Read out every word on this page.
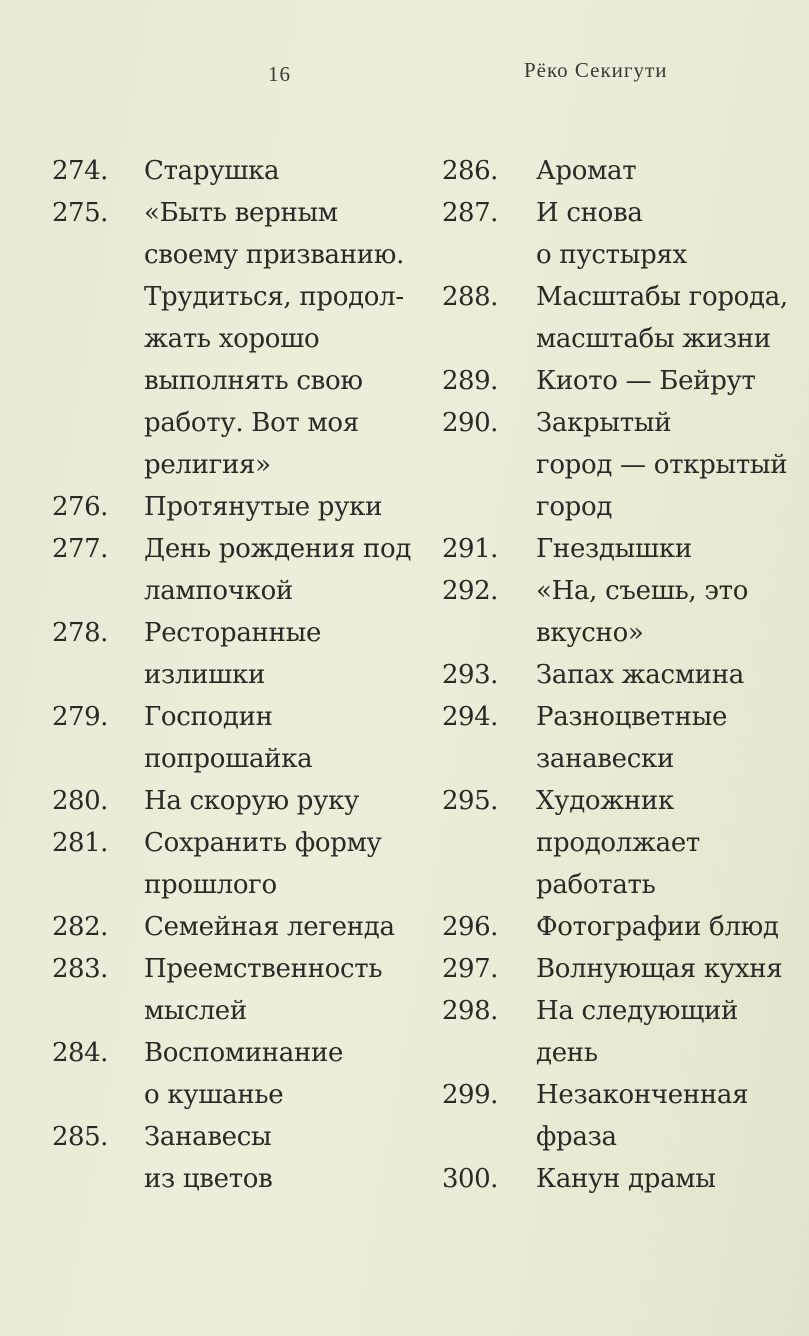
16	Рёко Секигути
274.	Старушка
275.	«Быть верным
своему призванию.
Трудиться, продол-
жать хорошо
выполнять свою
работу. Вот моя
религия»
276.	Протянутые руки
277.	День рождения под
лампочкой
278.	Ресторанные
излишки
279.	Господин
попрошайка
280.	На скорую руку
281.	Сохранить форму
прошлого
282.	Семейная легенда
283.	Преемственность
мыслей
284.	Воспоминание
о кушанье
285.	Занавесы
из цветов
286.	Аромат
287.	И снова
о пустырях
288.	Масштабы города,
масштабы жизни
289.	Киото — Бейрут
290.	Закрытый
город — открытый
город
291.	Гнездышки
292.	«На, съешь, это
вкусно»
293.	Запах жасмина
294.	Разноцветные
занавески
295.	Художник
продолжает
работать
296.	Фотографии блюд
297.	Волнующая кухня
298.	На следующий
день
299.	Незаконченная
фраза
300.	Канун драмы
